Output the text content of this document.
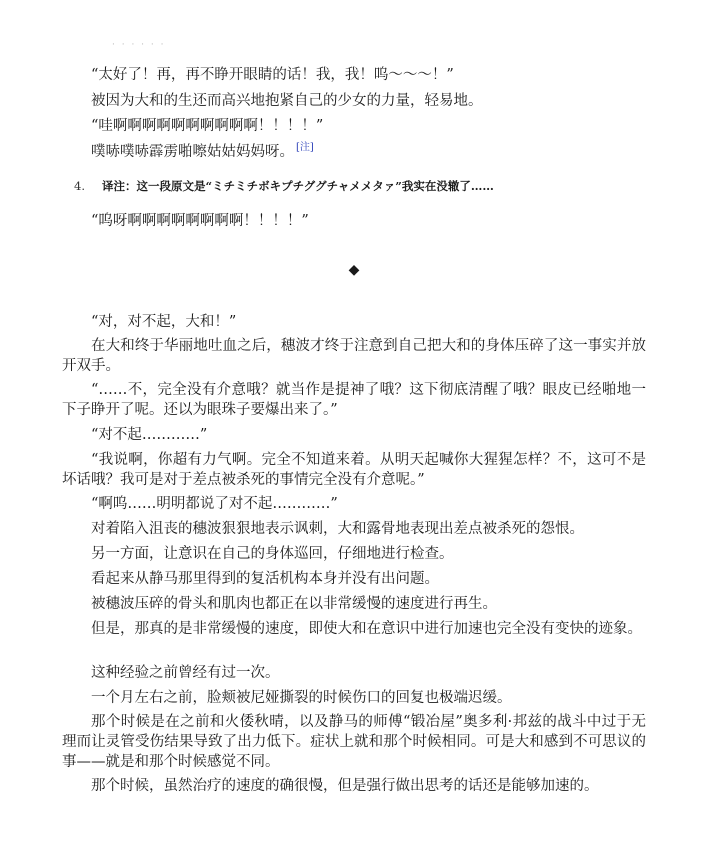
· · · · · ·

“太好了！再，再不睁开眼睛的话！我，我！呜～～～！”

被因为大和的生还而高兴地抱紧自己的少女的力量，轻易地。

“哇啊啊啊啊啊啊啊啊啊啊！！！！”

噗哧噗哧霹雳啪嚓姑姑妈妈呀。 [注]

4. 译注：这一段原文是“ミチミチボキプチググチャメメタァ”我实在没辙了……

“呜呀啊啊啊啊啊啊啊啊！！！！”

◆

“对，对不起，大和！”

在大和终于华丽地吐血之后，穗波才终于注意到自己把大和的身体压碎了这一事实并放开双手。

“……不，完全没有介意哦？就当作是提神了哦？这下彻底清醒了哦？眼皮已经啪地一下子睁开了呢。还以为眼珠子要爆出来了。”

“对不起…………”

“我说啊，你超有力气啊。完全不知道来着。从明天起喊你大猩猩怎样？不，这可不是坏话哦？我可是对于差点被杀死的事情完全没有介意呢。”

“啊呜……明明都说了对不起…………”

对着陷入沮丧的穗波狠狠地表示讽刺，大和露骨地表现出差点被杀死的怨恨。

另一方面，让意识在自己的身体巡回，仔细地进行检查。

看起来从静马那里得到的复活机构本身并没有出问题。

被穗波压碎的骨头和肌肉也都正在以非常缓慢的速度进行再生。

但是，那真的是非常缓慢的速度，即使大和在意识中进行加速也完全没有变快的迹象。

这种经验之前曾经有过一次。

一个月左右之前，脸颊被尼娅撕裂的时候伤口的回复也极端迟缓。

那个时候是在之前和火倭秋晴，以及静马的师傅“锻冶屋”奥多利·邦兹的战斗中过于无理而让灵管受伤结果导致了出力低下。症状上就和那个时候相同。可是大和感到不可思议的事——就是和那个时候感觉不同。

那个时候，虽然治疗的速度的确很慢，但是强行做出思考的话还是能够加速的。
